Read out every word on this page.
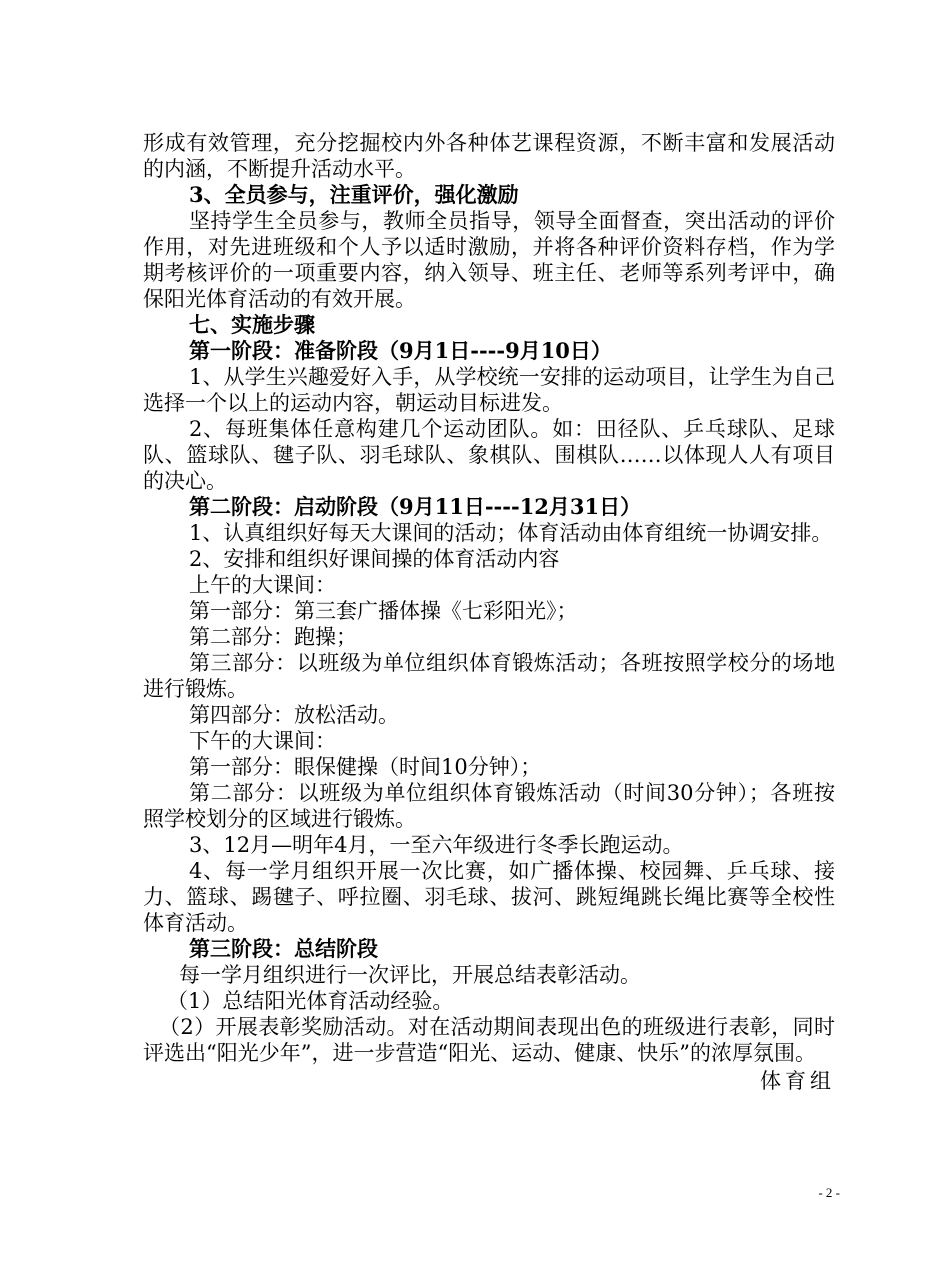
形成有效管理，充分挖掘校内外各种体艺课程资源，不断丰富和发展活动的内涵，不断提升活动水平。

3、全员参与，注重评价，强化激励

坚持学生全员参与，教师全员指导，领导全面督查，突出活动的评价作用，对先进班级和个人予以适时激励，并将各种评价资料存档，作为学期考核评价的一项重要内容，纳入领导、班主任、老师等系列考评中，确保阳光体育活动的有效开展。

七、实施步骤

第一阶段：准备阶段（9月1日----9月10日）

1、从学生兴趣爱好入手，从学校统一安排的运动项目，让学生为自己选择一个以上的运动内容，朝运动目标进发。

2、每班集体任意构建几个运动团队。如：田径队、乒乓球队、足球队、篮球队、毽子队、羽毛球队、象棋队、围棋队……以体现人人有项目的决心。

第二阶段：启动阶段（9月11日----12月31日）

1、认真组织好每天大课间的活动；体育活动由体育组统一协调安排。

2、安排和组织好课间操的体育活动内容

上午的大课间：

第一部分：第三套广播体操《七彩阳光》；

第二部分：跑操；

第三部分：以班级为单位组织体育锻炼活动；各班按照学校分的场地进行锻炼。

第四部分：放松活动。

下午的大课间：

第一部分：眼保健操（时间10分钟）；

第二部分：以班级为单位组织体育锻炼活动（时间30分钟）；各班按照学校划分的区域进行锻炼。

3、12月—明年4月，一至六年级进行冬季长跑运动。

4、每一学月组织开展一次比赛，如广播体操、校园舞、乒乓球、接力、篮球、踢毽子、呼拉圈、羽毛球、拔河、跳短绳跳长绳比赛等全校性体育活动。

第三阶段：总结阶段

每一学月组织进行一次评比，开展总结表彰活动。

（1）总结阳光体育活动经验。

（2）开展表彰奖励活动。对在活动期间表现出色的班级进行表彰，同时评选出“阳光少年”，进一步营造“阳光、运动、健康、快乐”的浓厚氛围。

体育组

- 2 -
